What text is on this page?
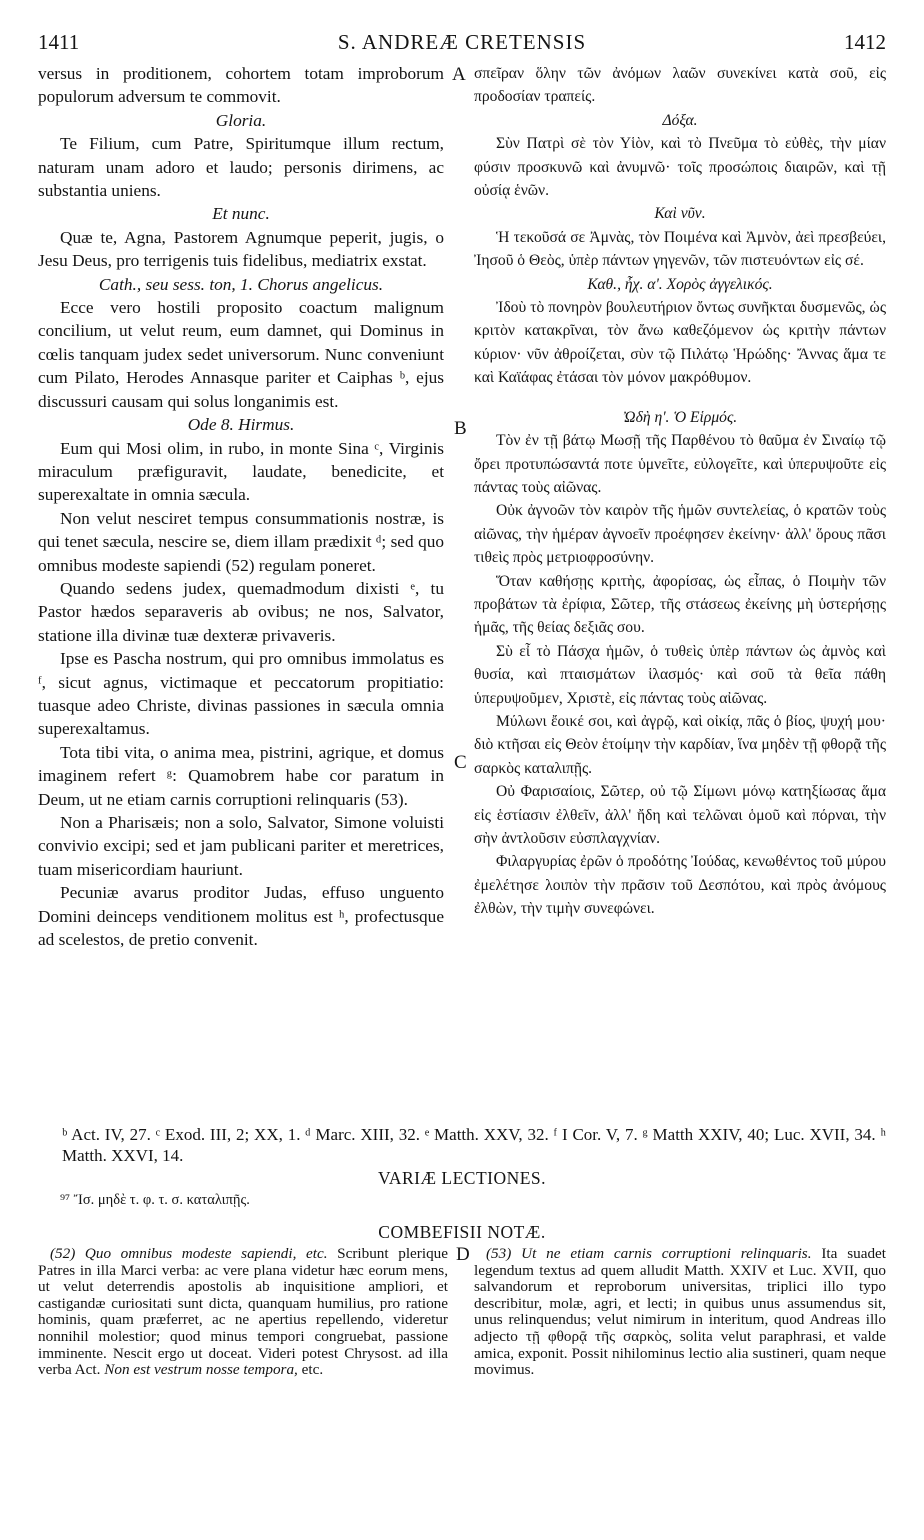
1411	S. ANDREÆ CRETENSIS	1412

versus in proditionem, cohortem totam improborum populorum adversum te commovit.

Gloria.

Te Filium, cum Patre, Spiritumque illum rectum, naturam unam adoro et laudo; personis dirimens, ac substantia uniens.

Et nunc.

Quæ te, Agna, Pastorem Agnumque peperit, jugis, o Jesu Deus, pro terrigenis tuis fidelibus, mediatrix exstat.

Cath., seu sess. ton, 1. Chorus angelicus.

Ecce vero hostili proposito coactum malignum concilium, ut velut reum, eum damnet, qui Dominus in cœlis tanquam judex sedet universorum. Nunc conveniunt cum Pilato, Herodes Annasque pariter et Caiphas ᵇ, ejus discussuri causam qui solus longanimis est.

Ode 8. Hirmus.

Eum qui Mosi olim, in rubo, in monte Sina ᶜ, Virginis miraculum præfiguravit, laudate, benedicite, et superexaltate in omnia sæcula.

Non velut nesciret tempus consummationis nostræ, is qui tenet sæcula, nescire se, diem illam prædixit ᵈ; sed quo omnibus modeste sapiendi (52) regulam poneret.

Quando sedens judex, quemadmodum dixisti ᵉ, tu Pastor hædos separaveris ab ovibus; ne nos, Salvator, statione illa divinæ tuæ dexteræ privaveris.

Ipse es Pascha nostrum, qui pro omnibus immolatus es ᶠ, sicut agnus, victimaque et peccatorum propitiatio: tuasque adeo Christe, divinas passiones in sæcula omnia superexaltamus.

Tota tibi vita, o anima mea, pistrini, agrique, et domus imaginem refert ᵍ: Quamobrem habe cor paratum in Deum, ut ne etiam carnis corruptioni relinquaris (53).

Non a Pharisæis; non a solo, Salvator, Simone voluisti convivio excipi; sed et jam publicani pariter et meretrices, tuam misericordiam hauriunt.

Pecuniæ avarus proditor Judas, effuso unguento Domini deinceps venditionem molitus est ʰ, profectusque ad scelestos, de pretio convenit.

A
B
C
D

σπεῖραν ὅλην τῶν ἀνόμων λαῶν συνεκίνει κατὰ σοῦ, εἰς προδοσίαν τραπείς.

Δόξα.

Σὺν Πατρὶ σὲ τὸν Υἱὸν, καὶ τὸ Πνεῦμα τὸ εὐθὲς, τὴν μίαν φύσιν προσκυνῶ καὶ ἀνυμνῶ· τοῖς προσώποις διαιρῶν, καὶ τῇ οὐσίᾳ ἑνῶν.

Καὶ νῦν.

Ἡ τεκοῦσά σε Ἀμνὰς, τὸν Ποιμένα καὶ Ἀμνὸν, ἀεὶ πρεσβεύει, Ἰησοῦ ὁ Θεὸς, ὑπὲρ πάντων γηγενῶν, τῶν πιστευόντων εἰς σέ.

Καθ., ἦχ. α'. Χορὸς ἀγγελικός.

Ἰδοὺ τὸ πονηρὸν βουλευτήριον ὄντως συνῆκται δυσμενῶς, ὡς κριτὸν κατακρῖναι, τὸν ἄνω καθεζόμενον ὡς κριτὴν πάντων κύριον· νῦν ἀθροίζεται, σὺν τῷ Πιλάτῳ Ἡρώδης· Ἄννας ἅμα τε καὶ Καϊάφας ἐτάσαι τὸν μόνον μακρόθυμον.

Ὠδὴ η'. Ὁ Εἱρμός.

Τὸν ἐν τῇ βάτῳ Μωσῇ τῆς Παρθένου τὸ θαῦμα ἐν Σιναίῳ τῷ ὄρει προτυπώσαντά ποτε ὑμνεῖτε, εὐλογεῖτε, καὶ ὑπερυψοῦτε εἰς πάντας τοὺς αἰῶνας.

Οὐκ ἀγνοῶν τὸν καιρὸν τῆς ἡμῶν συντελείας, ὁ κρατῶν τοὺς αἰῶνας, τὴν ἡμέραν ἀγνοεῖν προέφησεν ἐκείνην· ἀλλ' ὅρους πᾶσι τιθεὶς πρὸς μετριοφροσύνην.

Ὅταν καθήσῃς κριτὴς, ἀφορίσας, ὡς εἶπας, ὁ Ποιμὴν τῶν προβάτων τὰ ἐρίφια, Σῶτερ, τῆς στάσεως ἐκείνης μὴ ὑστερήσῃς ἡμᾶς, τῆς θείας δεξιᾶς σου.

Σὺ εἶ τὸ Πάσχα ἡμῶν, ὁ τυθεὶς ὑπὲρ πάντων ὡς ἀμνὸς καὶ θυσία, καὶ πταισμάτων ἱλασμός· καὶ σοῦ τὰ θεῖα πάθη ὑπερυψοῦμεν, Χριστὲ, εἰς πάντας τοὺς αἰῶνας.

Μύλωνι ἔοικέ σοι, καὶ ἀγρῷ, καὶ οἰκίᾳ, πᾶς ὁ βίος, ψυχή μου· διὸ κτῆσαι εἰς Θεὸν ἑτοίμην τὴν καρδίαν, ἵνα μηδὲν τῇ φθορᾷ τῆς σαρκὸς καταλιπῇς.

Οὐ Φαρισαίοις, Σῶτερ, οὐ τῷ Σίμωνι μόνῳ κατηξίωσας ἅμα εἰς ἑστίασιν ἐλθεῖν, ἀλλ' ἤδη καὶ τελῶναι ὁμοῦ καὶ πόρναι, τὴν σὴν ἀντλοῦσιν εὐσπλαγχνίαν.

Φιλαργυρίας ἐρῶν ὁ προδότης Ἰούδας, κενωθέντος τοῦ μύρου ἐμελέτησε λοιπὸν τὴν πρᾶσιν τοῦ Δεσπότου, καὶ πρὸς ἀνόμους ἐλθὼν, τὴν τιμὴν συνεφώνει.

ᵇ Act. IV, 27. ᶜ Exod. III, 2; XX, 1. ᵈ Marc. XIII, 32. ᵉ Matth. XXV, 32. ᶠ I Cor. V, 7. ᵍ Matth XXIV, 40; Luc. XVII, 34. ʰ Matth. XXVI, 14.
VARIÆ LECTIONES.
⁹⁷ Ἴσ. μηδὲ τ. φ. τ. σ. καταλιπῇς.
COMBEFISII NOTÆ.

(52) Quo omnibus modeste sapiendi, etc. Scribunt plerique Patres in illa Marci verba: ac vere plana videtur hæc eorum mens, ut velut deterrendis apostolis ab inquisitione ampliori, et castigandæ curiositati sunt dicta, quanquam humilius, pro ratione hominis, quam præferret, ac ne apertius repellendo, videretur nonnihil molestior; quod minus tempori congruebat, passione imminente. Nescit ergo ut doceat. Videri potest Chrysost. ad illa verba Act. Non est vestrum nosse tempora, etc.

(53) Ut ne etiam carnis corruptioni relinquaris. Ita suadet legendum textus ad quem alludit Matth. XXIV et Luc. XVII, quo salvandorum et reproborum universitas, triplici illo typo describitur, molæ, agri, et lecti; in quibus unus assumendus sit, unus relinquendus; velut nimirum in interitum, quod Andreas illo adjecto τῇ φθορᾷ τῆς σαρκὸς, solita velut paraphrasi, et valde amica, exponit. Possit nihilominus lectio alia sustineri, quam neque movimus.
